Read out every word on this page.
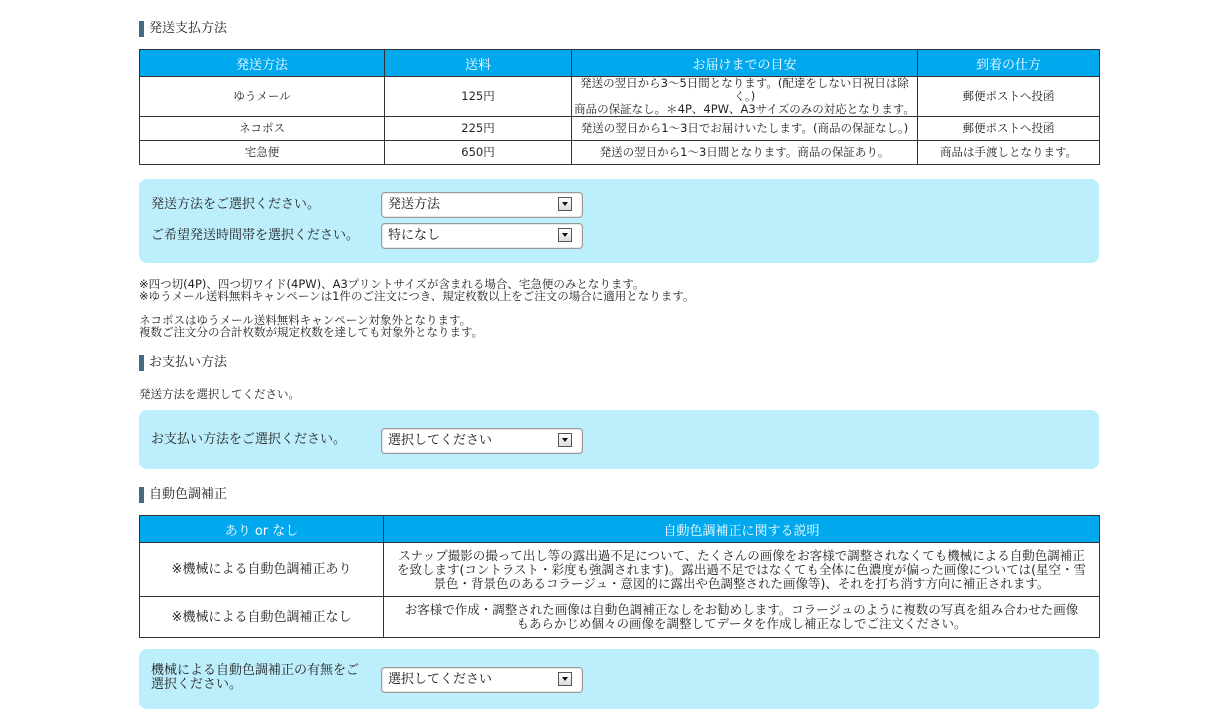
発送支払方法
発送方法	送料	お届けまでの目安	到着の仕方
ゆうメール	125円	発送の翌日から3～5日間となります。(配達をしない日祝日は除く。)
商品の保証なし。＊4P、4PW、A3サイズのみの対応となります。	郵便ポストへ投函
ネコポス	225円	発送の翌日から1～3日でお届けいたします。(商品の保証なし。)	郵便ポストへ投函
宅急便	650円	発送の翌日から1～3日間となります。商品の保証あり。	商品は手渡しとなります。
発送方法をご選択ください。	発送方法
ご希望発送時間帯を選択ください。 特になし
※四つ切(4P)、四つ切ワイド(4PW)、A3プリントサイズが含まれる場合、宅急便のみとなります。
※ゆうメール送料無料キャンペーンは1件のご注文につき、規定枚数以上をご注文の場合に適用となります。
ネコポスはゆうメール送料無料キャンペーン対象外となります。
複数ご注文分の合計枚数が規定枚数を達しても対象外となります。
お支払い方法
発送方法を選択してください。
お支払い方法をご選択ください。	選択してください
自動色調補正
あり or なし	自動色調補正に関する説明
※機械による自動色調補正あり	スナップ撮影の撮って出し等の露出過不足について、たくさんの画像をお客様で調整されなくても機械による自動色調補正
を致します(コントラスト・彩度も強調されます)。露出過不足ではなくても全体に色濃度が偏った画像については(星空・雪
景色・背景色のあるコラージュ・意図的に露出や色調整された画像等)、それを打ち消す方向に補正されます。

※機械による自動色調補正なし	お客様で作成・調整された画像は自動色調補正なしをお勧めします。コラージュのように複数の写真を組み合わせた画像
もあらかじめ個々の画像を調整してデータを作成し補正なしでご注文ください。
機械による自動色調補正の有無をご
選択ください。	選択してください
